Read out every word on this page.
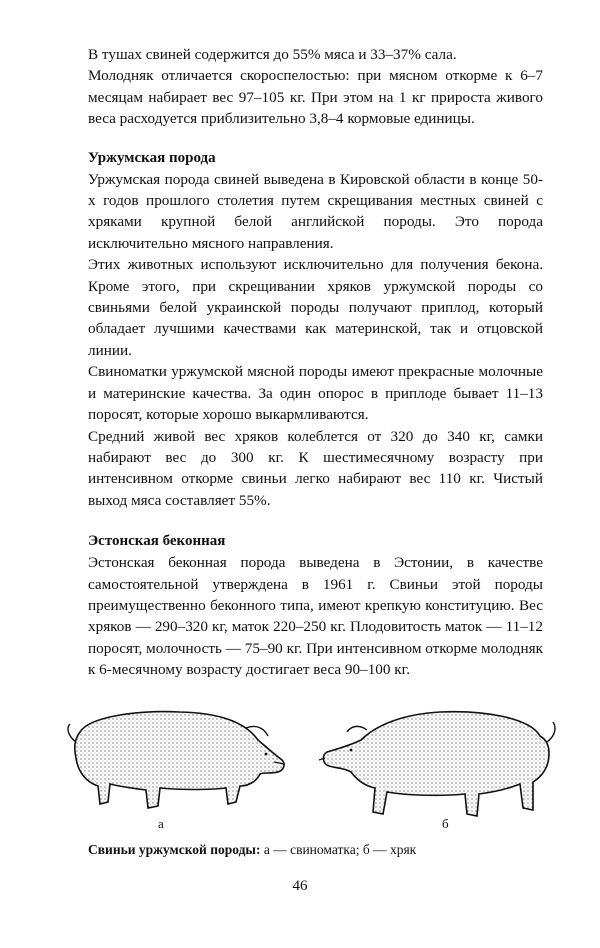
В тушах свиней содержится до 55% мяса и 33–37% сала.

Молодняк отличается скороспелостью: при мясном откорме к 6–7 месяцам набирает вес 97–105 кг. При этом на 1 кг прироста живого веса расходуется приблизительно 3,8–4 кормовые единицы.

Уржумская порода

Уржумская порода свиней выведена в Кировской области в конце 50-х годов прошлого столетия путем скрещивания местных свиней с хряками крупной белой английской породы. Это порода исключительно мясного направления.

Этих животных используют исключительно для получения бекона. Кроме этого, при скрещивании хряков уржумской породы со свиньями белой украинской породы получают приплод, который обладает лучшими качествами как материнской, так и отцовской линии.

Свиноматки уржумской мясной породы имеют прекрасные молочные и материнские качества. За один опорос в приплоде бывает 11–13 поросят, которые хорошо выкармливаются.

Средний живой вес хряков колеблется от 320 до 340 кг, самки набирают вес до 300 кг. К шестимесячному возрасту при интенсивном откорме свиньи легко набирают вес 110 кг. Чистый выход мяса составляет 55%.

Эстонская беконная

Эстонская беконная порода выведена в Эстонии, в качестве самостоятельной утверждена в 1961 г. Свиньи этой породы преимущественно беконного типа, имеют крепкую конституцию. Вес хряков — 290–320 кг, маток 220–250 кг. Плодовитость маток — 11–12 поросят, молочность — 75–90 кг. При интенсивном откорме молодняк к 6-месячному возрасту достигает веса 90–100 кг.

а	б
Свиньи уржумской породы: а — свиноматка; б — хряк
46
